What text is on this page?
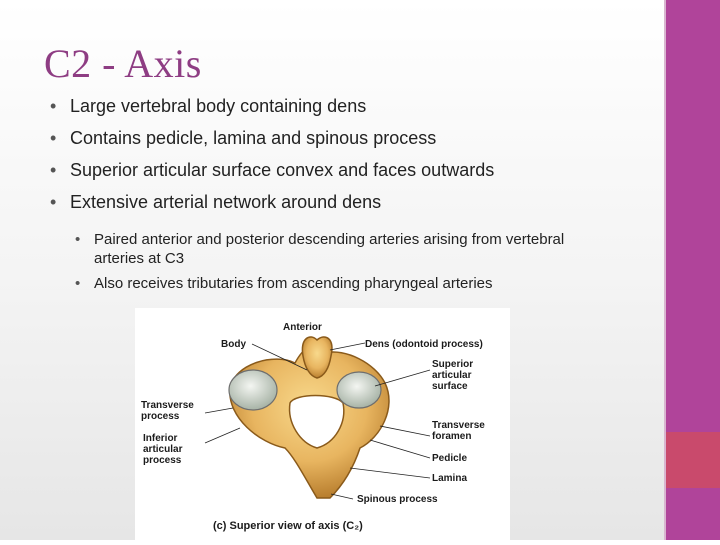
C2 - Axis
• Large vertebral body containing dens
• Contains pedicle, lamina and spinous process
• Superior articular surface convex and faces outwards
• Extensive arterial network around dens
• Paired anterior and posterior descending arteries arising from vertebral arteries at C3
• Also receives tributaries from ascending pharyngeal arteries
Anterior
Body	Dens (odontoid process)
Superior articular surface
Transverse process
Inferior articular process
Transverse foramen
Pedicle
Lamina
Spinous process
(c) Superior view of axis (C₂)
